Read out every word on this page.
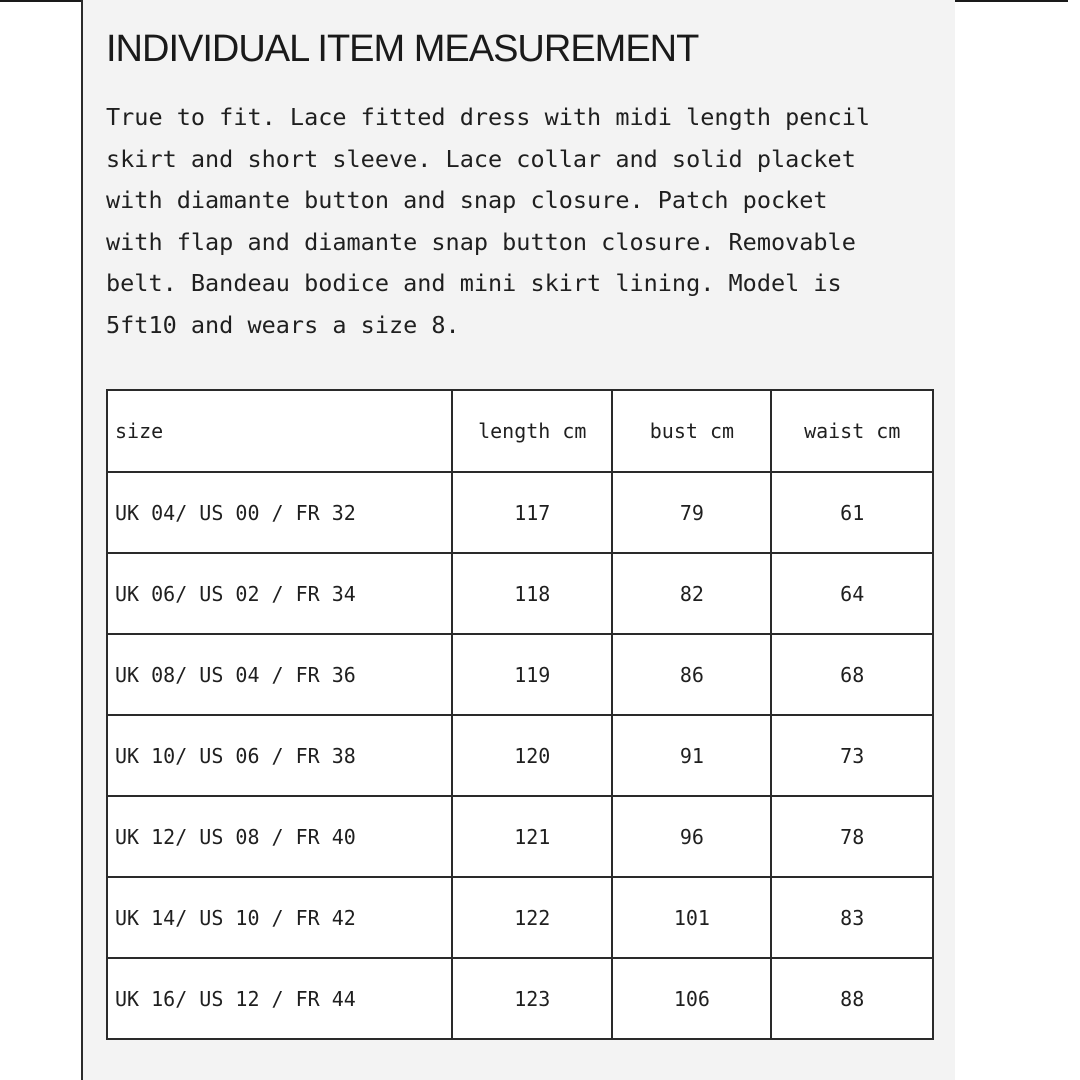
INDIVIDUAL ITEM MEASUREMENT

True to fit. Lace fitted dress with midi length pencil
skirt and short sleeve. Lace collar and solid placket
with diamante button and snap closure. Patch pocket
with flap and diamante snap button closure. Removable
belt. Bandeau bodice and mini skirt lining. Model is
5ft10 and wears a size 8.

size	length cm	bust cm	waist cm
UK 04/ US 00 / FR 32	117	79	61
UK 06/ US 02 / FR 34	118	82	64
UK 08/ US 04 / FR 36	119	86	68
UK 10/ US 06 / FR 38	120	91	73
UK 12/ US 08 / FR 40	121	96	78
UK 14/ US 10 / FR 42	122	101	83
UK 16/ US 12 / FR 44	123	106	88
